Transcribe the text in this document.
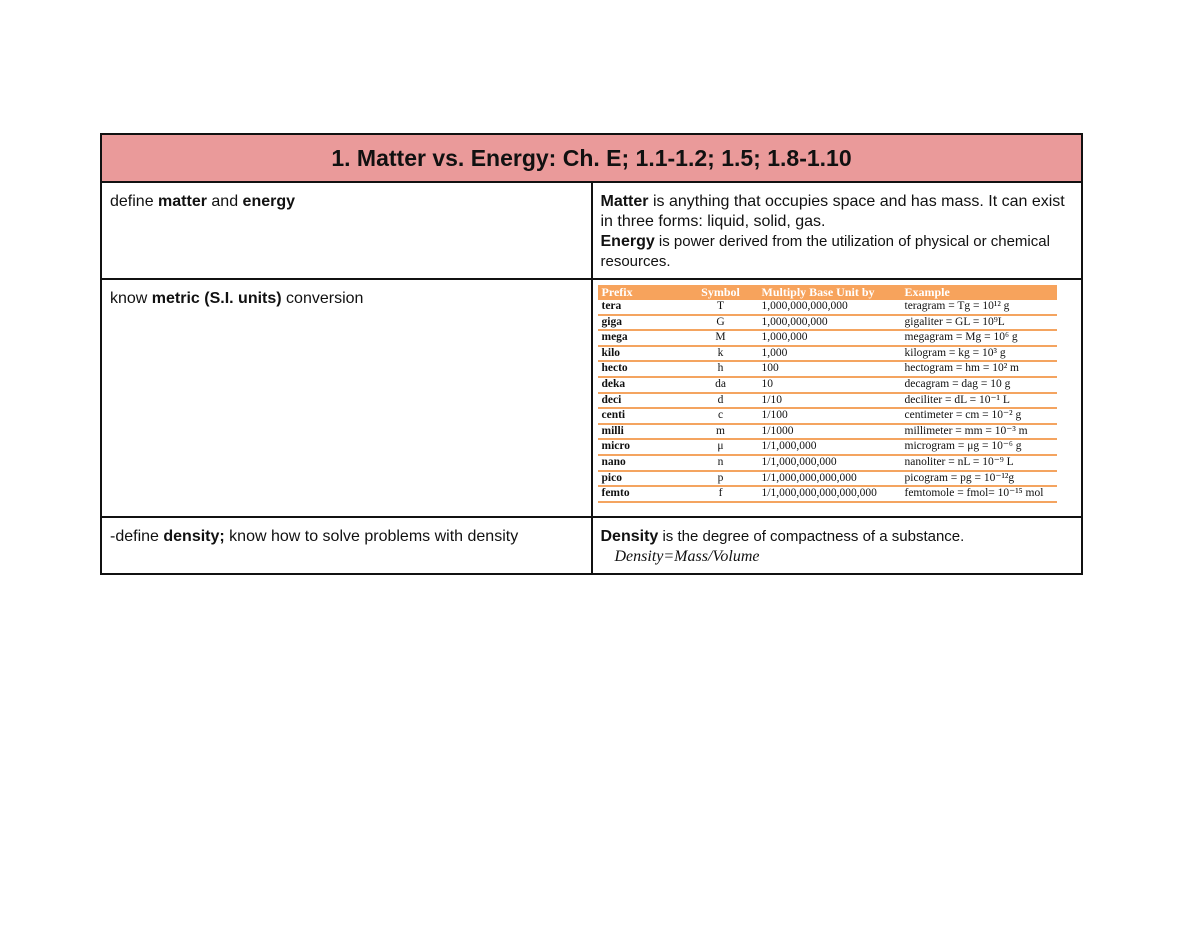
1. Matter vs. Energy: Ch. E; 1.1-1.2; 1.5; 1.8-1.10

define matter and energy	Matter is anything that occupies space and has mass. It can exist in three forms: liquid, solid, gas.
Energy is power derived from the utilization of physical or chemical resources.

know metric (S.I. units) conversion
		Prefix	Symbol	Multiply Base Unit by	Example
tera	T	1,000,000,000,000	teragram = Tg = 10¹² g
giga	G	1,000,000,000	gigaliter = GL = 10⁹L
mega	M	1,000,000	megagram = Mg = 10⁶ g
kilo	k	1,000	kilogram = kg = 10³ g
hecto	h	100	hectogram = hm = 10² m
deka	da	10	decagram = dag = 10 g
deci	d	1/10	deciliter = dL = 10⁻¹ L
centi	c	1/100	centimeter = cm = 10⁻² g
milli	m	1/1000	millimeter = mm = 10⁻³ m
micro	μ	1/1,000,000	microgram = μg = 10⁻⁶ g
nano	n	1/1,000,000,000	nanoliter = nL = 10⁻⁹ L
pico	p	1/1,000,000,000,000	picogram = pg = 10⁻¹²g
femto	f	1/1,000,000,000,000,000	femtomole = fmol= 10⁻¹⁵ mol

-define density; know how to solve problems with density	Density is the degree of compactness of a substance.
Density=Mass/Volume
